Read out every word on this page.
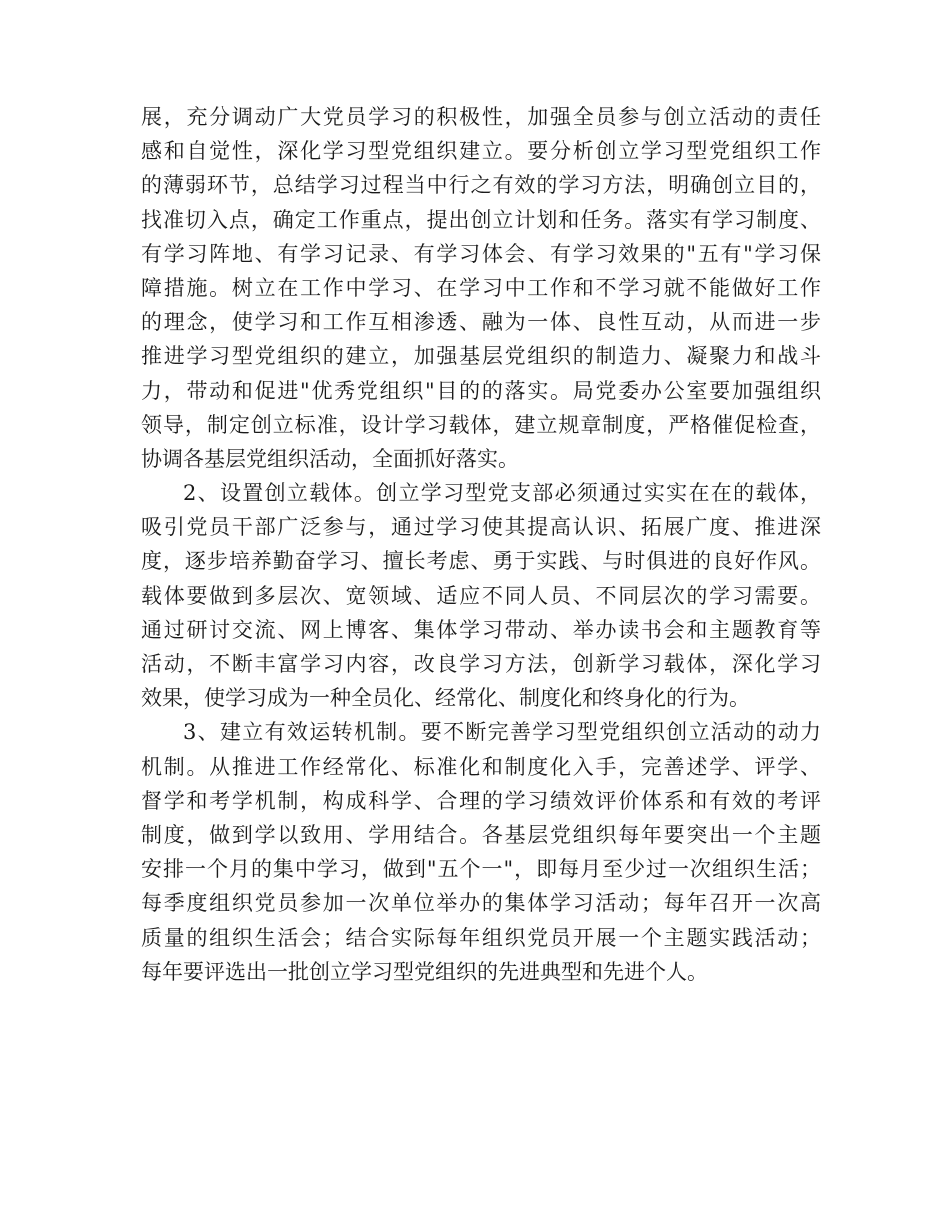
展，充分调动广大党员学习的积极性，加强全员参与创立活动的责任
感和自觉性，深化学习型党组织建立。要分析创立学习型党组织工作
的薄弱环节，总结学习过程当中行之有效的学习方法，明确创立目的，
找准切入点，确定工作重点，提出创立计划和任务。落实有学习制度、
有学习阵地、有学习记录、有学习体会、有学习效果的"五有"学习保
障措施。树立在工作中学习、在学习中工作和不学习就不能做好工作
的理念，使学习和工作互相渗透、融为一体、良性互动，从而进一步
推进学习型党组织的建立，加强基层党组织的制造力、凝聚力和战斗
力，带动和促进"优秀党组织"目的的落实。局党委办公室要加强组织
领导，制定创立标准，设计学习载体，建立规章制度，严格催促检查，
协调各基层党组织活动，全面抓好落实。
2、设置创立载体。创立学习型党支部必须通过实实在在的载体，
吸引党员干部广泛参与，通过学习使其提高认识、拓展广度、推进深
度，逐步培养勤奋学习、擅长考虑、勇于实践、与时俱进的良好作风。
载体要做到多层次、宽领域、适应不同人员、不同层次的学习需要。
通过研讨交流、网上博客、集体学习带动、举办读书会和主题教育等
活动，不断丰富学习内容，改良学习方法，创新学习载体，深化学习
效果，使学习成为一种全员化、经常化、制度化和终身化的行为。
3、建立有效运转机制。要不断完善学习型党组织创立活动的动力
机制。从推进工作经常化、标准化和制度化入手，完善述学、评学、
督学和考学机制，构成科学、合理的学习绩效评价体系和有效的考评
制度，做到学以致用、学用结合。各基层党组织每年要突出一个主题
安排一个月的集中学习，做到"五个一"，即每月至少过一次组织生活；
每季度组织党员参加一次单位举办的集体学习活动；每年召开一次高
质量的组织生活会；结合实际每年组织党员开展一个主题实践活动；
每年要评选出一批创立学习型党组织的先进典型和先进个人。
